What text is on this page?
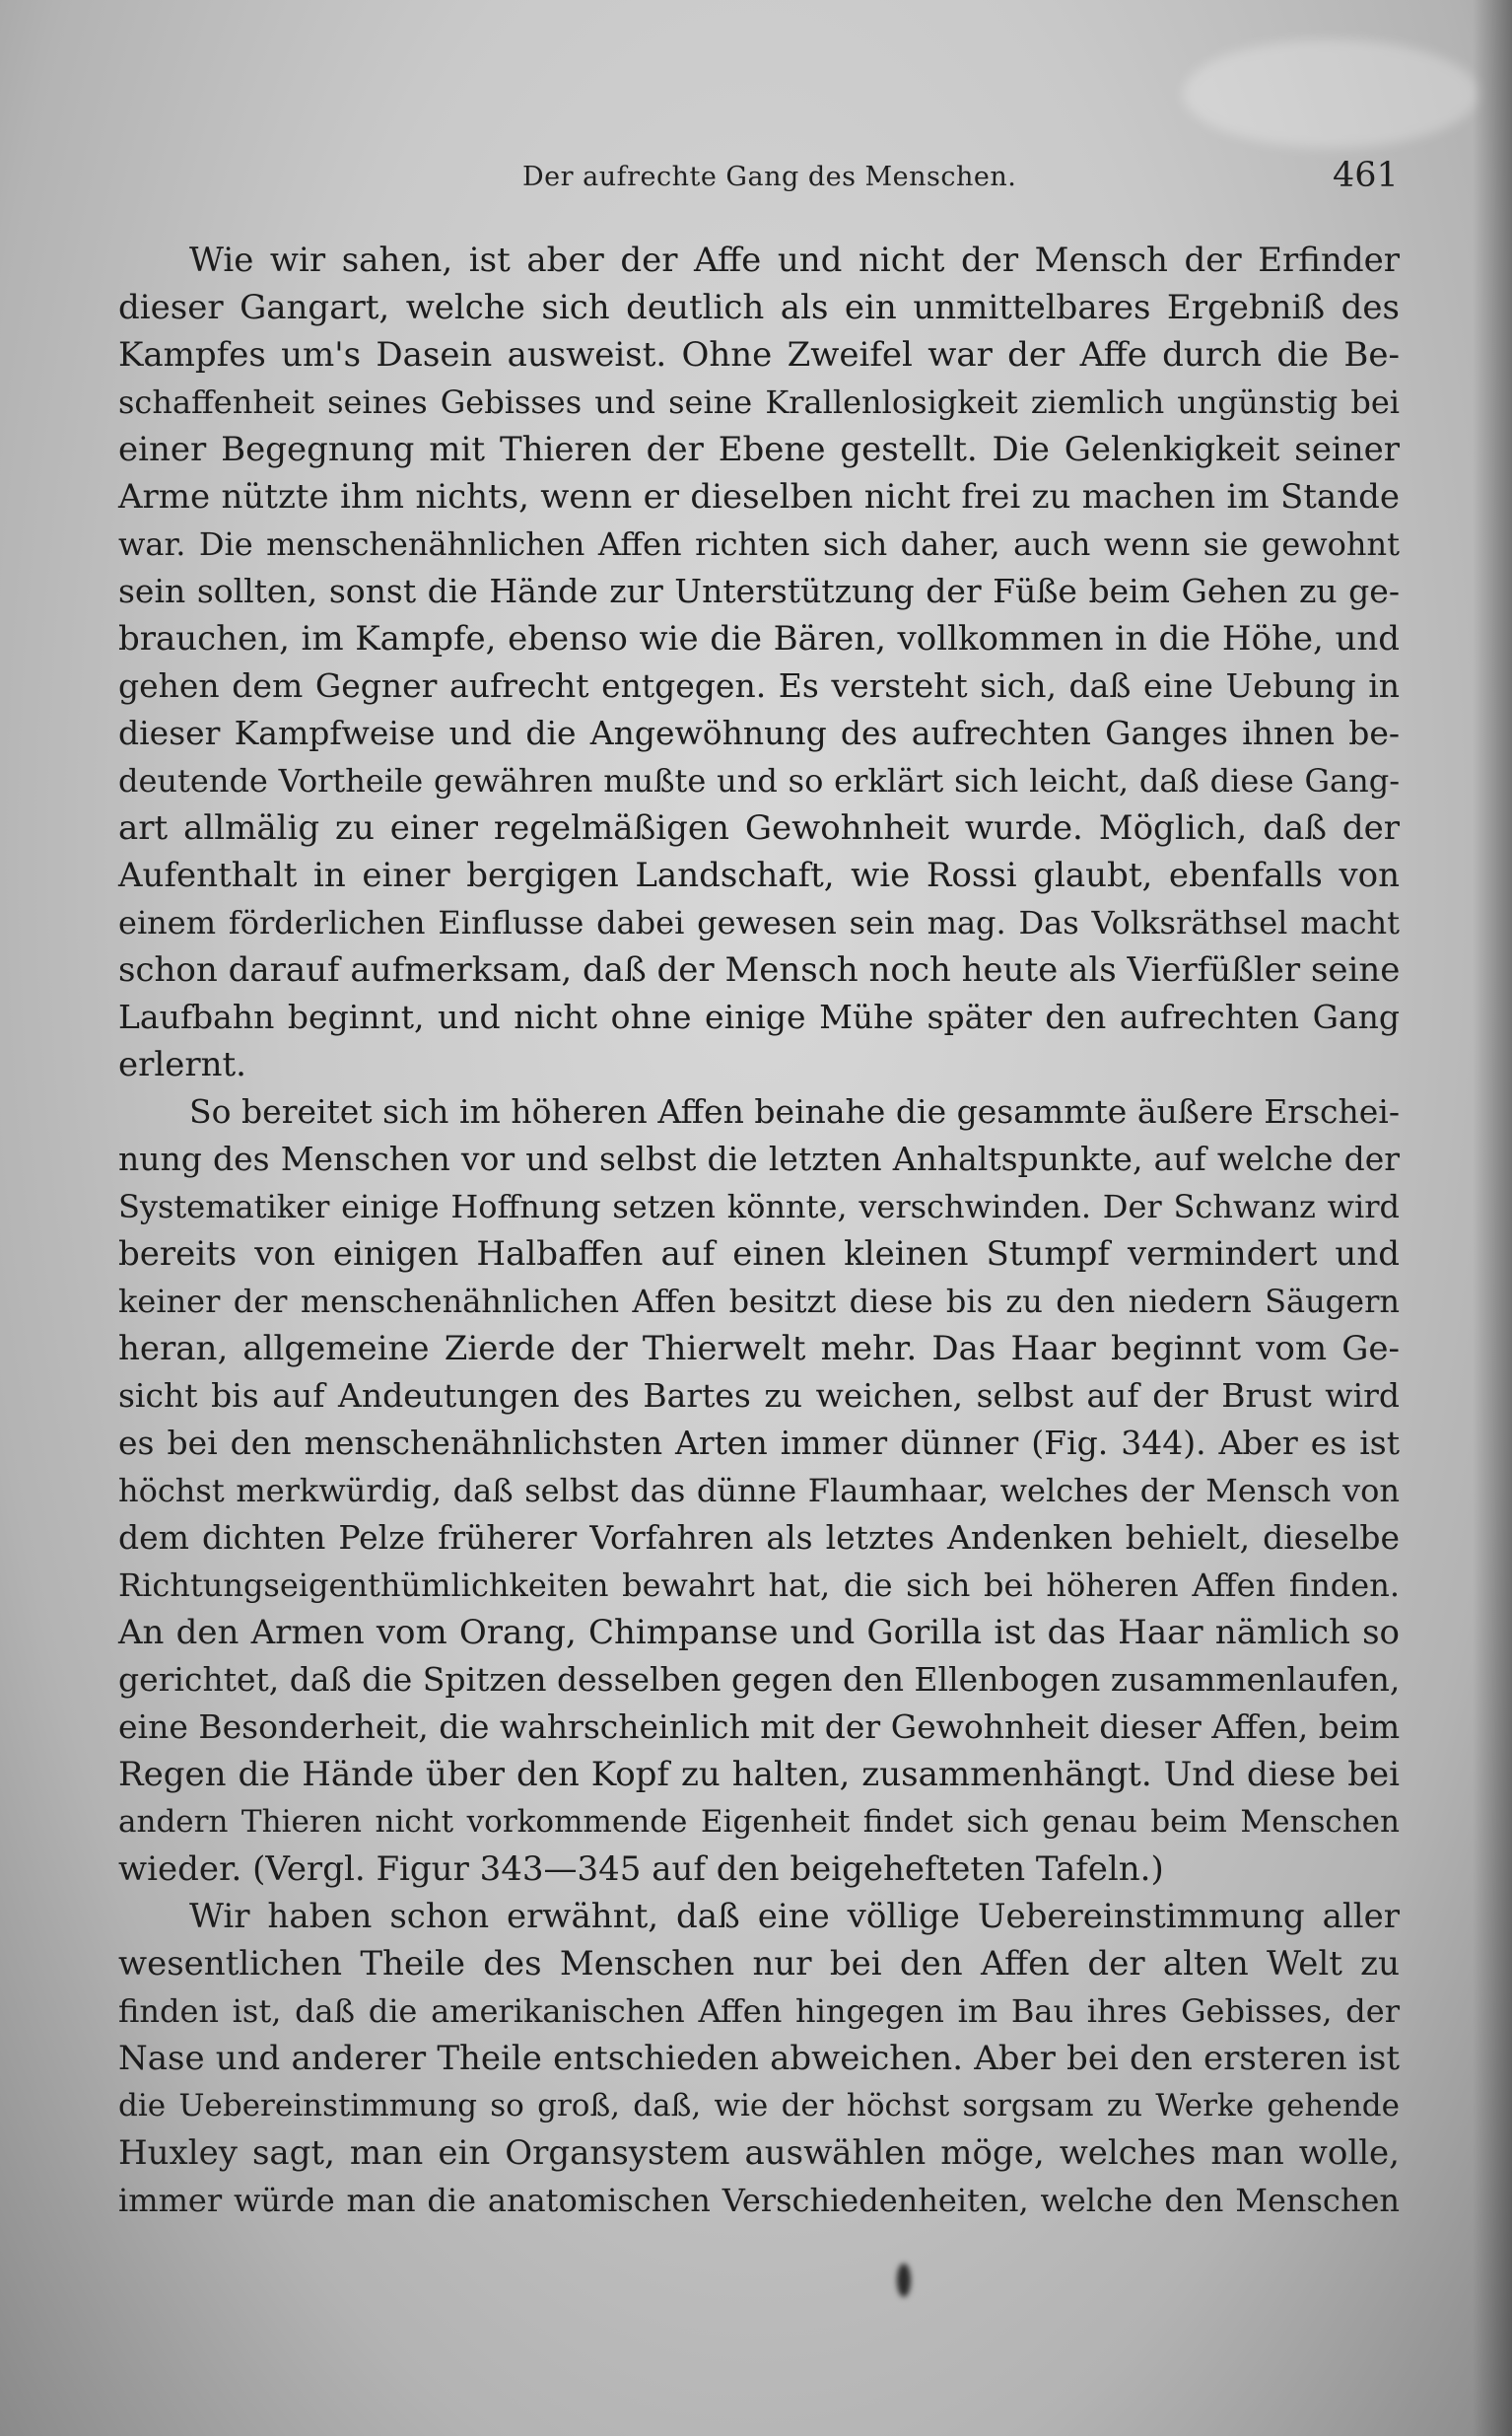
Der aufrechte Gang des Menschen.	461
Wie wir sahen, ist aber der Affe und nicht der Mensch der Erfinder
dieser Gangart, welche sich deutlich als ein unmittelbares Ergebniß des
Kampfes um's Dasein ausweist. Ohne Zweifel war der Affe durch die Be-
schaffenheit seines Gebisses und seine Krallenlosigkeit ziemlich ungünstig bei
einer Begegnung mit Thieren der Ebene gestellt. Die Gelenkigkeit seiner
Arme nützte ihm nichts, wenn er dieselben nicht frei zu machen im Stande
war. Die menschenähnlichen Affen richten sich daher, auch wenn sie gewohnt
sein sollten, sonst die Hände zur Unterstützung der Füße beim Gehen zu ge-
brauchen, im Kampfe, ebenso wie die Bären, vollkommen in die Höhe, und
gehen dem Gegner aufrecht entgegen. Es versteht sich, daß eine Uebung in
dieser Kampfweise und die Angewöhnung des aufrechten Ganges ihnen be-
deutende Vortheile gewähren mußte und so erklärt sich leicht, daß diese Gang-
art allmälig zu einer regelmäßigen Gewohnheit wurde. Möglich, daß der
Aufenthalt in einer bergigen Landschaft, wie Rossi glaubt, ebenfalls von
einem förderlichen Einflusse dabei gewesen sein mag. Das Volksräthsel macht
schon darauf aufmerksam, daß der Mensch noch heute als Vierfüßler seine
Laufbahn beginnt, und nicht ohne einige Mühe später den aufrechten Gang
erlernt.
So bereitet sich im höheren Affen beinahe die gesammte äußere Erschei-
nung des Menschen vor und selbst die letzten Anhaltspunkte, auf welche der
Systematiker einige Hoffnung setzen könnte, verschwinden. Der Schwanz wird
bereits von einigen Halbaffen auf einen kleinen Stumpf vermindert und
keiner der menschenähnlichen Affen besitzt diese bis zu den niedern Säugern
heran, allgemeine Zierde der Thierwelt mehr. Das Haar beginnt vom Ge-
sicht bis auf Andeutungen des Bartes zu weichen, selbst auf der Brust wird
es bei den menschenähnlichsten Arten immer dünner (Fig. 344). Aber es ist
höchst merkwürdig, daß selbst das dünne Flaumhaar, welches der Mensch von
dem dichten Pelze früherer Vorfahren als letztes Andenken behielt, dieselbe
Richtungseigenthümlichkeiten bewahrt hat, die sich bei höheren Affen finden.
An den Armen vom Orang, Chimpanse und Gorilla ist das Haar nämlich so
gerichtet, daß die Spitzen desselben gegen den Ellenbogen zusammenlaufen,
eine Besonderheit, die wahrscheinlich mit der Gewohnheit dieser Affen, beim
Regen die Hände über den Kopf zu halten, zusammenhängt. Und diese bei
andern Thieren nicht vorkommende Eigenheit findet sich genau beim Menschen
wieder. (Vergl. Figur 343—345 auf den beigehefteten Tafeln.)
Wir haben schon erwähnt, daß eine völlige Uebereinstimmung aller
wesentlichen Theile des Menschen nur bei den Affen der alten Welt zu
finden ist, daß die amerikanischen Affen hingegen im Bau ihres Gebisses, der
Nase und anderer Theile entschieden abweichen. Aber bei den ersteren ist
die Uebereinstimmung so groß, daß, wie der höchst sorgsam zu Werke gehende
Huxley sagt, man ein Organsystem auswählen möge, welches man wolle,
immer würde man die anatomischen Verschiedenheiten, welche den Menschen
